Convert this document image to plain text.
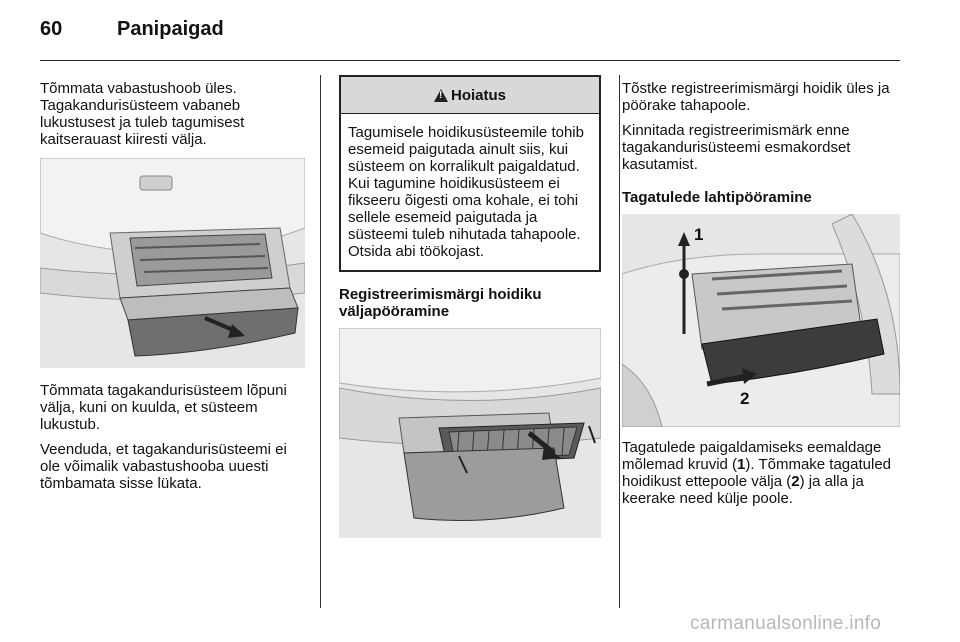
60	Panipaigad

Tõmmata vabastushoob üles. Tagakandurisüsteem vabaneb lukustusest ja tuleb tagumisest kaitserauast kiiresti välja.

Tõmmata tagakandurisüsteem lõpuni välja, kuni on kuulda, et süsteem lukustub.

Veenduda, et tagakandurisüsteemi ei ole võimalik vabastushooba uuesti tõmbamata sisse lükata.

! Hoiatus
Tagumisele hoidikusüsteemile tohib esemeid paigutada ainult siis, kui süsteem on korralikult paigaldatud. Kui tagumine hoidikusüsteem ei fikseeru õigesti oma kohale, ei tohi sellele esemeid paigutada ja süsteemi tuleb nihutada tahapoole. Otsida abi töökojast.

Registreerimismärgi hoidiku väljapööramine

Tõstke registreerimismärgi hoidik üles ja pöörake tahapoole.

Kinnitada registreerimismärk enne tagakandurisüsteemi esmakordset kasutamist.

Tagatulede lahtipööramine

1
2

Tagatulede paigaldamiseks eemaldage mõlemad kruvid (1). Tõmmake tagatuled hoidikust ettepoole välja (2) ja alla ja keerake need külje poole.

carmanualsonline.info
